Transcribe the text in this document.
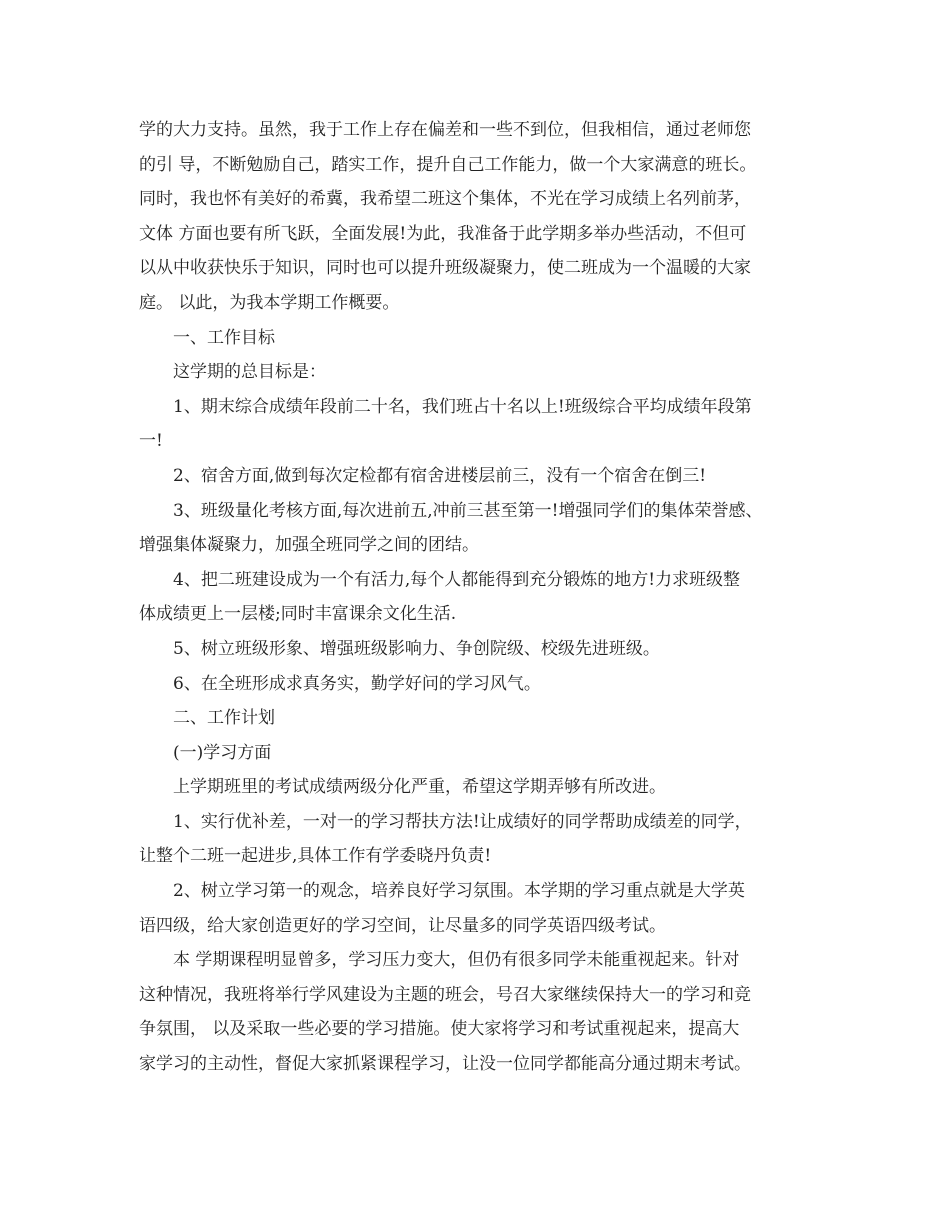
学的大力支持。虽然，我于工作上存在偏差和一些不到位，但我相信，通过老师您
的引 导，不断勉励自己，踏实工作，提升自己工作能力，做一个大家满意的班长。
同时，我也怀有美好的希冀，我希望二班这个集体，不光在学习成绩上名列前茅，
文体 方面也要有所飞跃，全面发展!为此，我准备于此学期多举办些活动，不但可
以从中收获快乐于知识，同时也可以提升班级凝聚力，使二班成为一个温暖的大家
庭。 以此，为我本学期工作概要。
一、工作目标
这学期的总目标是：
1、期末综合成绩年段前二十名，我们班占十名以上!班级综合平均成绩年段第
一!
2、宿舍方面,做到每次定检都有宿舍进楼层前三，没有一个宿舍在倒三!
3、班级量化考核方面,每次进前五,冲前三甚至第一!增强同学们的集体荣誉感、
增强集体凝聚力，加强全班同学之间的团结。
4、把二班建设成为一个有活力,每个人都能得到充分锻炼的地方!力求班级整
体成绩更上一层楼;同时丰富课余文化生活.
5、树立班级形象、增强班级影响力、争创院级、校级先进班级。
6、在全班形成求真务实，勤学好问的学习风气。
二、工作计划
(一)学习方面
上学期班里的考试成绩两级分化严重，希望这学期弄够有所改进。
1、实行优补差，一对一的学习帮扶方法!让成绩好的同学帮助成绩差的同学，
让整个二班一起进步,具体工作有学委晓丹负责!
2、树立学习第一的观念，培养良好学习氛围。本学期的学习重点就是大学英
语四级，给大家创造更好的学习空间，让尽量多的同学英语四级考试。
本 学期课程明显曾多，学习压力变大，但仍有很多同学未能重视起来。针对
这种情况，我班将举行学风建设为主题的班会，号召大家继续保持大一的学习和竞
争氛围， 以及采取一些必要的学习措施。使大家将学习和考试重视起来，提高大
家学习的主动性，督促大家抓紧课程学习，让没一位同学都能高分通过期末考试。
